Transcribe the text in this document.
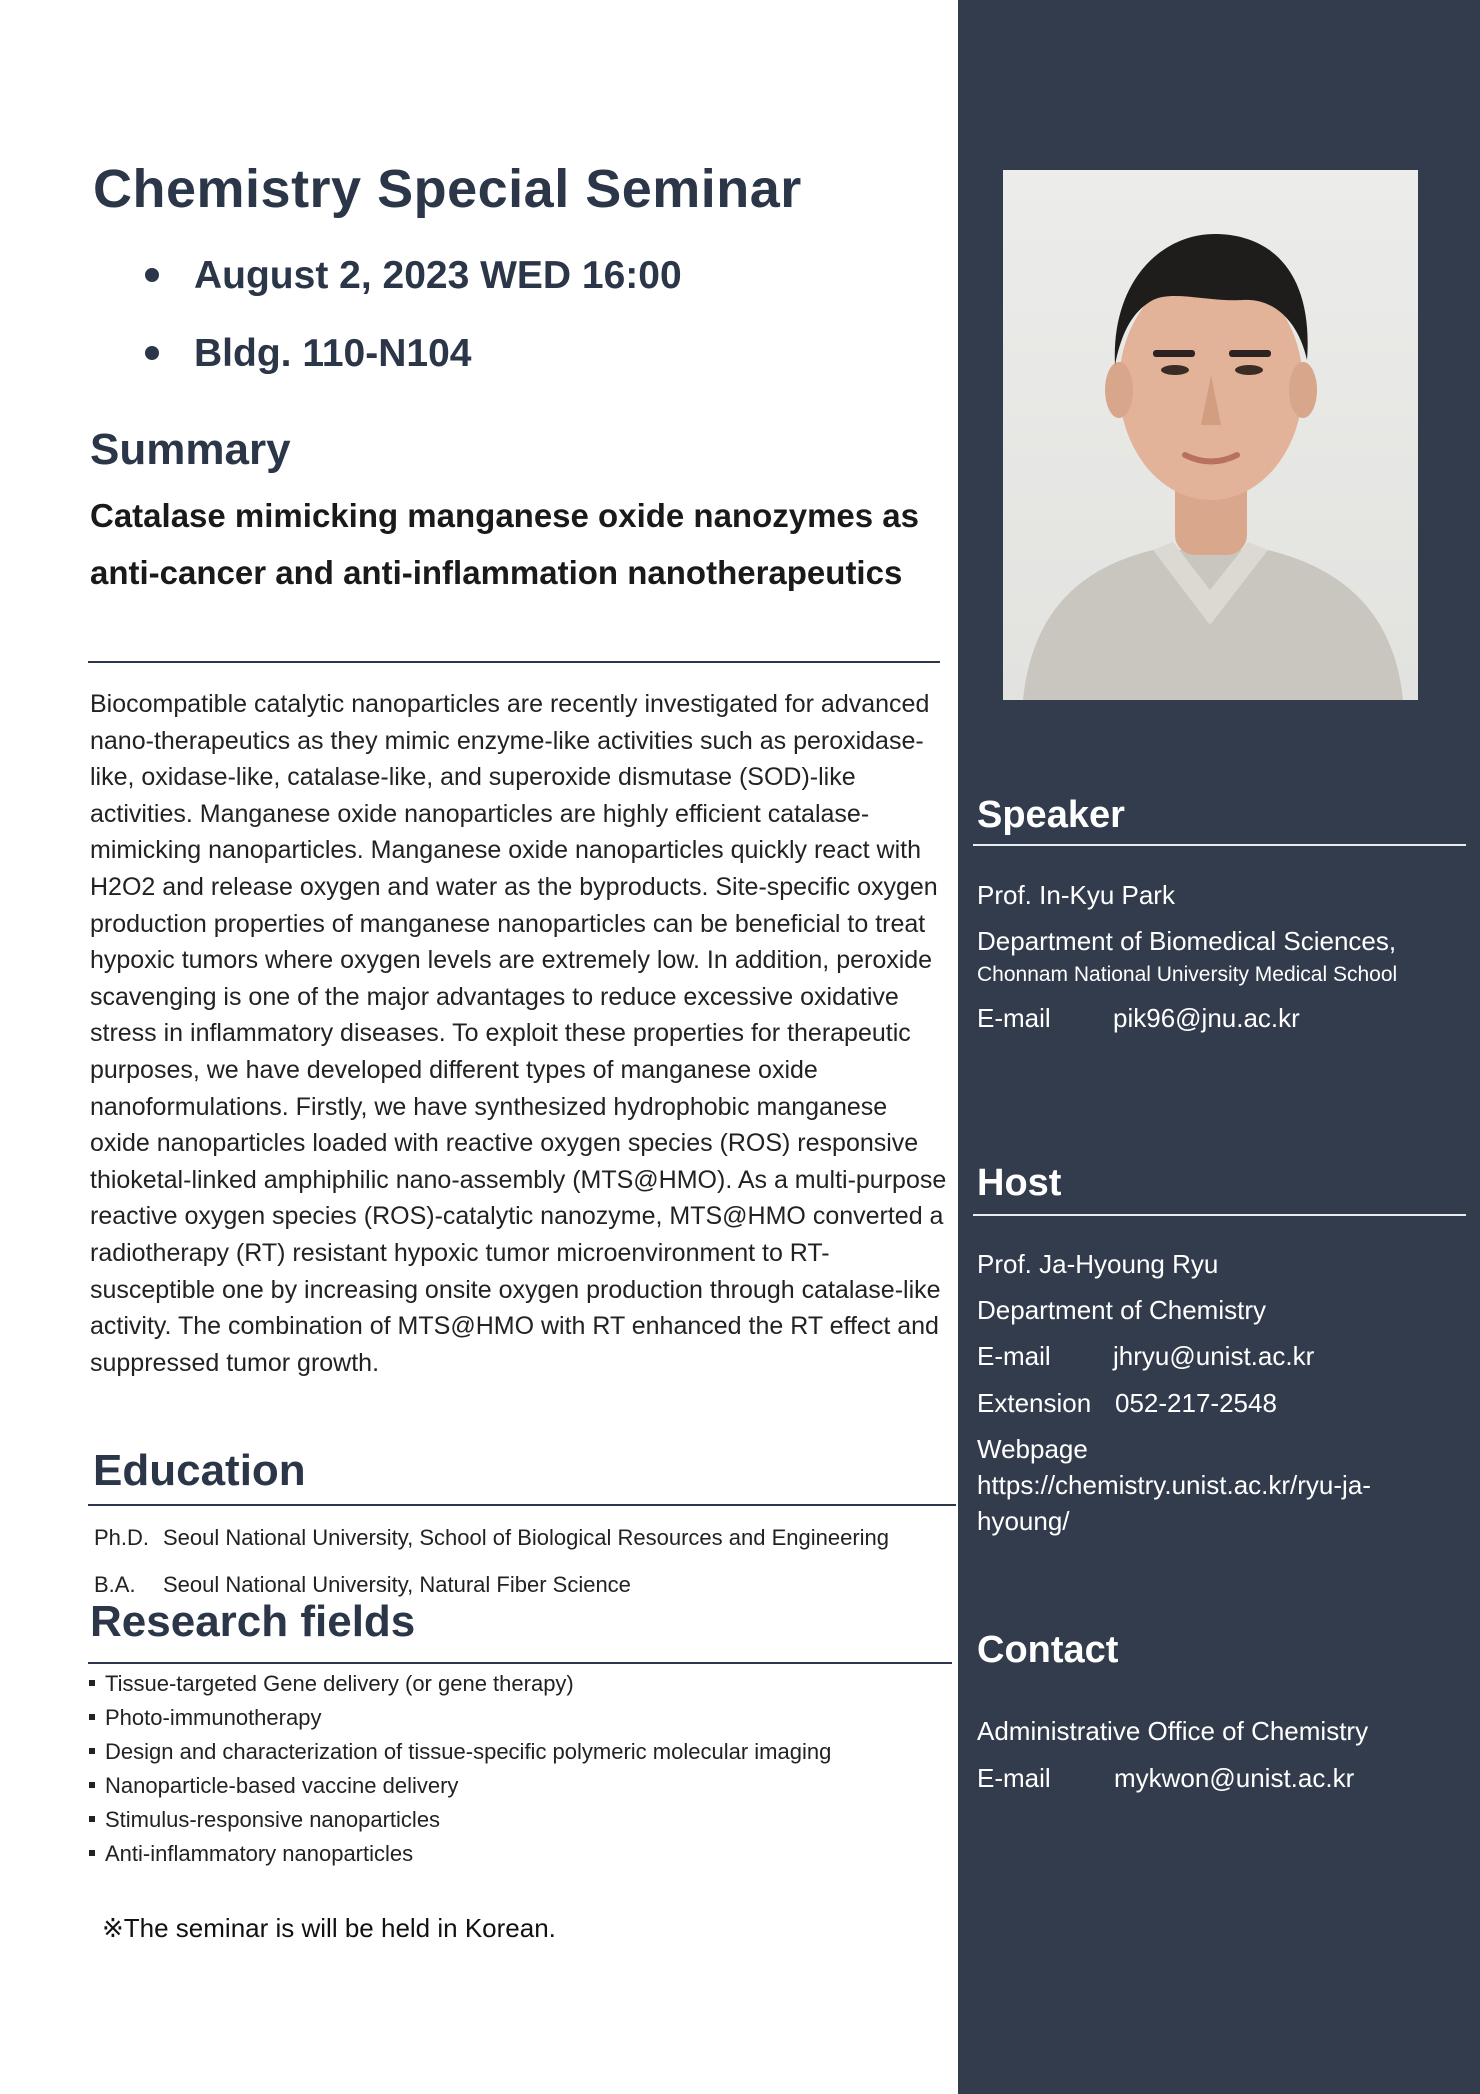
Chemistry Special Seminar
August 2, 2023 WED 16:00
Bldg. 110-N104
Summary
Catalase mimicking manganese oxide nanozymes as anti-cancer and anti-inflammation nanotherapeutics
Biocompatible catalytic nanoparticles are recently investigated for advanced nano-therapeutics as they mimic enzyme-like activities such as peroxidase-like, oxidase-like, catalase-like, and superoxide dismutase (SOD)-like activities. Manganese oxide nanoparticles are highly efficient catalase-mimicking nanoparticles. Manganese oxide nanoparticles quickly react with H2O2 and release oxygen and water as the byproducts. Site-specific oxygen production properties of manganese nanoparticles can be beneficial to treat hypoxic tumors where oxygen levels are extremely low. In addition, peroxide scavenging is one of the major advantages to reduce excessive oxidative stress in inflammatory diseases. To exploit these properties for therapeutic purposes, we have developed different types of manganese oxide nanoformulations. Firstly, we have synthesized hydrophobic manganese oxide nanoparticles loaded with reactive oxygen species (ROS) responsive thioketal-linked amphiphilic nano-assembly (MTS@HMO). As a multi-purpose reactive oxygen species (ROS)-catalytic nanozyme, MTS@HMO converted a radiotherapy (RT) resistant hypoxic tumor microenvironment to RT-susceptible one by increasing onsite oxygen production through catalase-like activity. The combination of MTS@HMO with RT enhanced the RT effect and suppressed tumor growth.
Education
Ph.D. Seoul National University, School of Biological Resources and Engineering
B.A. Seoul National University, Natural Fiber Science
Research fields
Tissue-targeted Gene delivery (or gene therapy)
Photo-immunotherapy
Design and characterization of tissue-specific polymeric molecular imaging
Nanoparticle-based vaccine delivery
Stimulus-responsive nanoparticles
Anti-inflammatory nanoparticles
※The seminar is will be held in Korean.
Speaker
Prof. In-Kyu Park
Department of Biomedical Sciences,
Chonnam National University Medical School
E-mail pik96@jnu.ac.kr
Host
Prof. Ja-Hyoung Ryu
Department of Chemistry
E-mail jhryu@unist.ac.kr
Extension 052-217-2548
Webpage
https://chemistry.unist.ac.kr/ryu-ja-
hyoung/
Contact
Administrative Office of Chemistry
E-mail mykwon@unist.ac.kr
